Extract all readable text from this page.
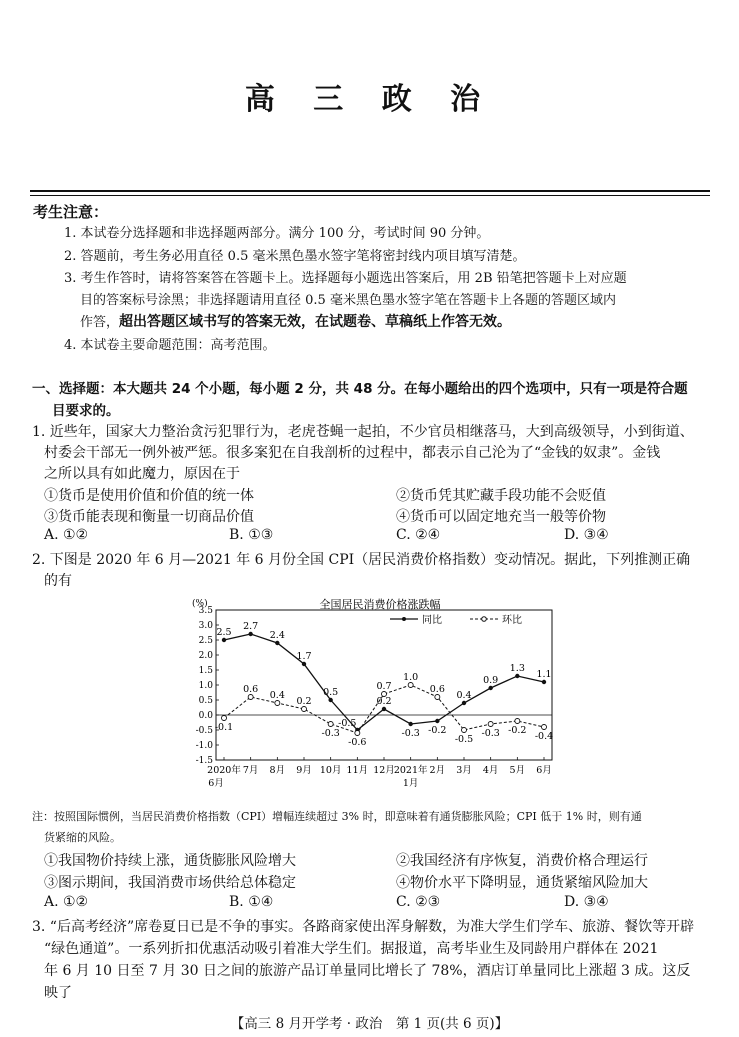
高 三 政 治
考生注意：
1. 本试卷分选择题和非选择题两部分。满分 100 分，考试时间 90 分钟。
2. 答题前，考生务必用直径 0.5 毫米黑色墨水签字笔将密封线内项目填写清楚。
3. 考生作答时，请将答案答在答题卡上。选择题每小题选出答案后，用 2B 铅笔把答题卡上对应题
目的答案标号涂黑；非选择题请用直径 0.5 毫米黑色墨水签字笔在答题卡上各题的答题区域内
作答，超出答题区域书写的答案无效，在试题卷、草稿纸上作答无效。
4. 本试卷主要命题范围：高考范围。
一、选择题：本大题共 24 个小题，每小题 2 分，共 48 分。在每小题给出的四个选项中，只有一项是符合题
目要求的。
1. 近些年，国家大力整治贪污犯罪行为，老虎苍蝇一起拍，不少官员相继落马，大到高级领导，小到街道、
村委会干部无一例外被严惩。很多案犯在自我剖析的过程中，都表示自己沦为了“金钱的奴隶”。金钱
之所以具有如此魔力，原因在于
①货币是使用价值和价值的统一体	②货币凭其贮藏手段功能不会贬值
③货币能表现和衡量一切商品价值	④货币可以固定地充当一般等价物
A. ①②	B. ①③	C. ②④	D. ③④
2. 下图是 2020 年 6 月—2021 年 6 月份全国 CPI（居民消费价格指数）变动情况。据此，下列推测正确
的有
全国居民消费价格涨跌幅
(%)
同比	环比
3.5
3.0
2.5
2.0
1.5
1.0
0.5
0.0
-0.5
-1.0
-1.5
2020年
6月
7月 8月 9月 10月 11月 12月 2021年
1月
2月 3月 4月 5月 6月
2.5
2.7
2.4
1.7
0.5
-0.5
0.2
-0.3 -0.2
0.4
0.9
1.3
1.1
-0.1
0.6
0.4
0.2
-0.3
-0.6
0.7
1.0
0.6
-0.5
-0.3 -0.2
-0.4
注：按照国际惯例，当居民消费价格指数（CPI）增幅连续超过 3% 时，即意味着有通货膨胀风险；CPI 低于 1% 时，则有通
货紧缩的风险。
①我国物价持续上涨，通货膨胀风险增大	②我国经济有序恢复，消费价格合理运行
③图示期间，我国消费市场供给总体稳定	④物价水平下降明显，通货紧缩风险加大
A. ①②	B. ①④	C. ②③	D. ③④
3. “后高考经济”席卷夏日已是不争的事实。各路商家使出浑身解数，为准大学生们学车、旅游、餐饮等开辟
“绿色通道”。一系列折扣优惠活动吸引着准大学生们。据报道，高考毕业生及同龄用户群体在 2021
年 6 月 10 日至 7 月 30 日之间的旅游产品订单量同比增长了 78%，酒店订单量同比上涨超 3 成。这反
映了
【高三 8 月开学考 · 政治　第 1 页(共 6 页)】
